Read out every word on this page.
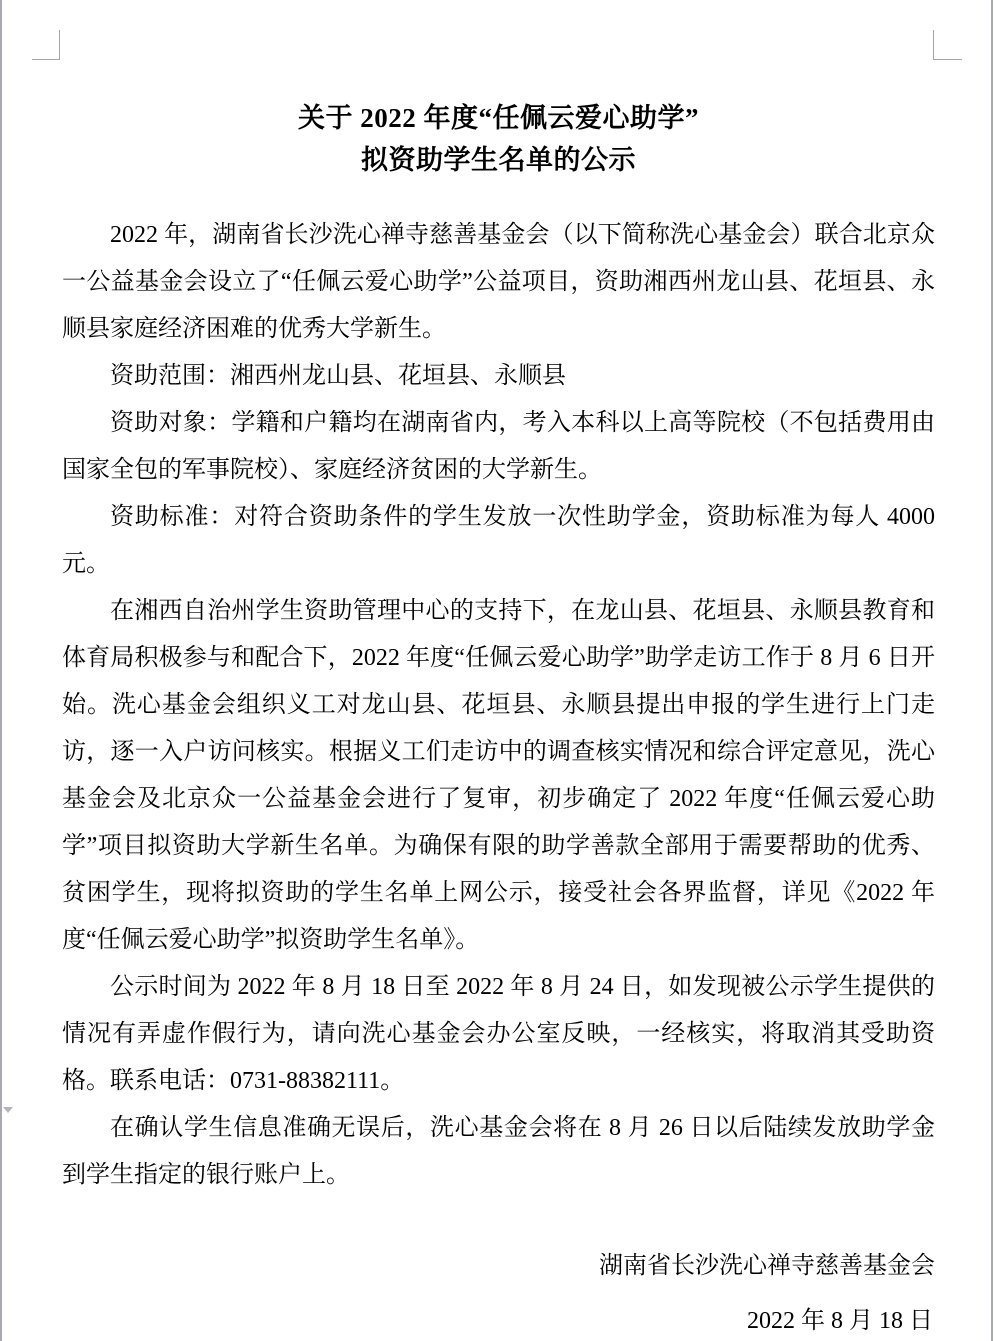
关于 2022 年度“任佩云爱心助学”
拟资助学生名单的公示

2022 年，湖南省长沙洗心禅寺慈善基金会（以下简称洗心基金会）联合北京众一公益基金会设立了“任佩云爱心助学”公益项目，资助湘西州龙山县、花垣县、永顺县家庭经济困难的优秀大学新生。

资助范围：湘西州龙山县、花垣县、永顺县

资助对象：学籍和户籍均在湖南省内，考入本科以上高等院校（不包括费用由国家全包的军事院校）、家庭经济贫困的大学新生。

资助标准：对符合资助条件的学生发放一次性助学金，资助标准为每人 4000 元。

在湘西自治州学生资助管理中心的支持下，在龙山县、花垣县、永顺县教育和体育局积极参与和配合下，2022 年度“任佩云爱心助学”助学走访工作于 8 月 6 日开始。洗心基金会组织义工对龙山县、花垣县、永顺县提出申报的学生进行上门走访，逐一入户访问核实。根据义工们走访中的调查核实情况和综合评定意见，洗心基金会及北京众一公益基金会进行了复审，初步确定了 2022 年度“任佩云爱心助学”项目拟资助大学新生名单。为确保有限的助学善款全部用于需要帮助的优秀、贫困学生，现将拟资助的学生名单上网公示，接受社会各界监督，详见《2022 年度“任佩云爱心助学”拟资助学生名单》。

公示时间为 2022 年 8 月 18 日至 2022 年 8 月 24 日，如发现被公示学生提供的情况有弄虚作假行为，请向洗心基金会办公室反映，一经核实，将取消其受助资格。联系电话：0731-88382111。

在确认学生信息准确无误后，洗心基金会将在 8 月 26 日以后陆续发放助学金到学生指定的银行账户上。

湖南省长沙洗心禅寺慈善基金会
2022 年 8 月 18 日
